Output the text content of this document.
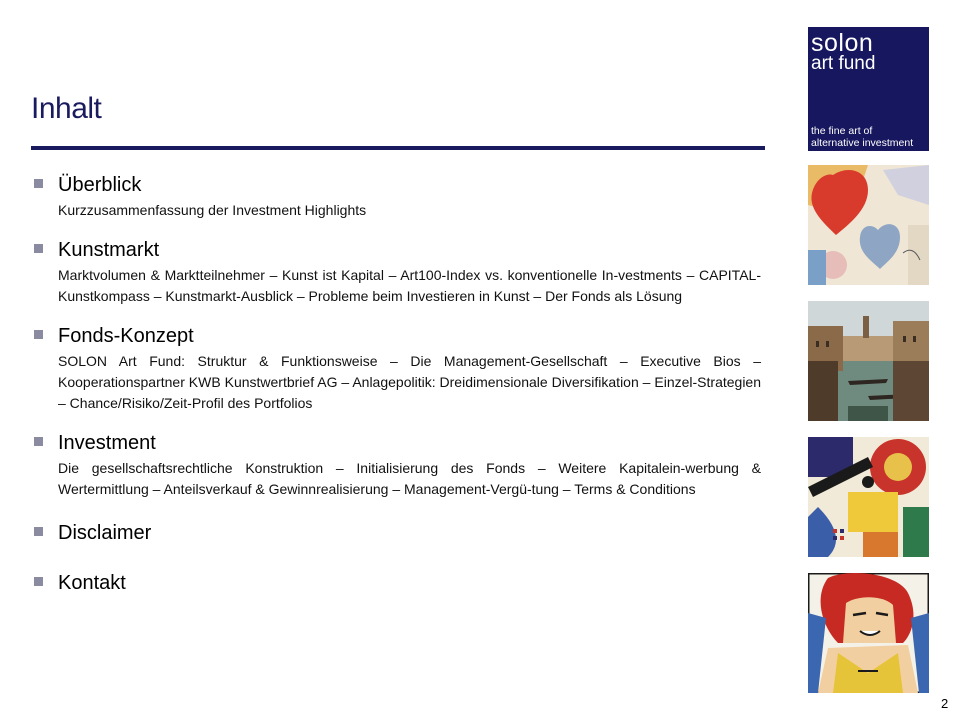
Inhalt
Überblick
Kurzzusammenfassung der Investment Highlights
Kunstmarkt
Marktvolumen & Marktteilnehmer – Kunst ist Kapital – Art100-Index vs. konventionelle In-vestments – CAPITAL-Kunstkompass – Kunstmarkt-Ausblick – Probleme beim Investieren in Kunst – Der Fonds als Lösung
Fonds-Konzept
SOLON Art Fund: Struktur & Funktionsweise – Die Management-Gesellschaft – Executive Bios – Kooperationspartner KWB Kunstwertbrief AG – Anlagepolitik: Dreidimensionale Diversifikation – Einzel-Strategien – Chance/Risiko/Zeit-Profil des Portfolios
Investment
Die gesellschaftsrechtliche Konstruktion – Initialisierung des Fonds – Weitere Kapitalein-werbung & Wertermittlung – Anteilsverkauf & Gewinnrealisierung – Management-Vergü-tung – Terms & Conditions
Disclaimer
Kontakt
solon
art fund
the fine art of
alternative investment
2
